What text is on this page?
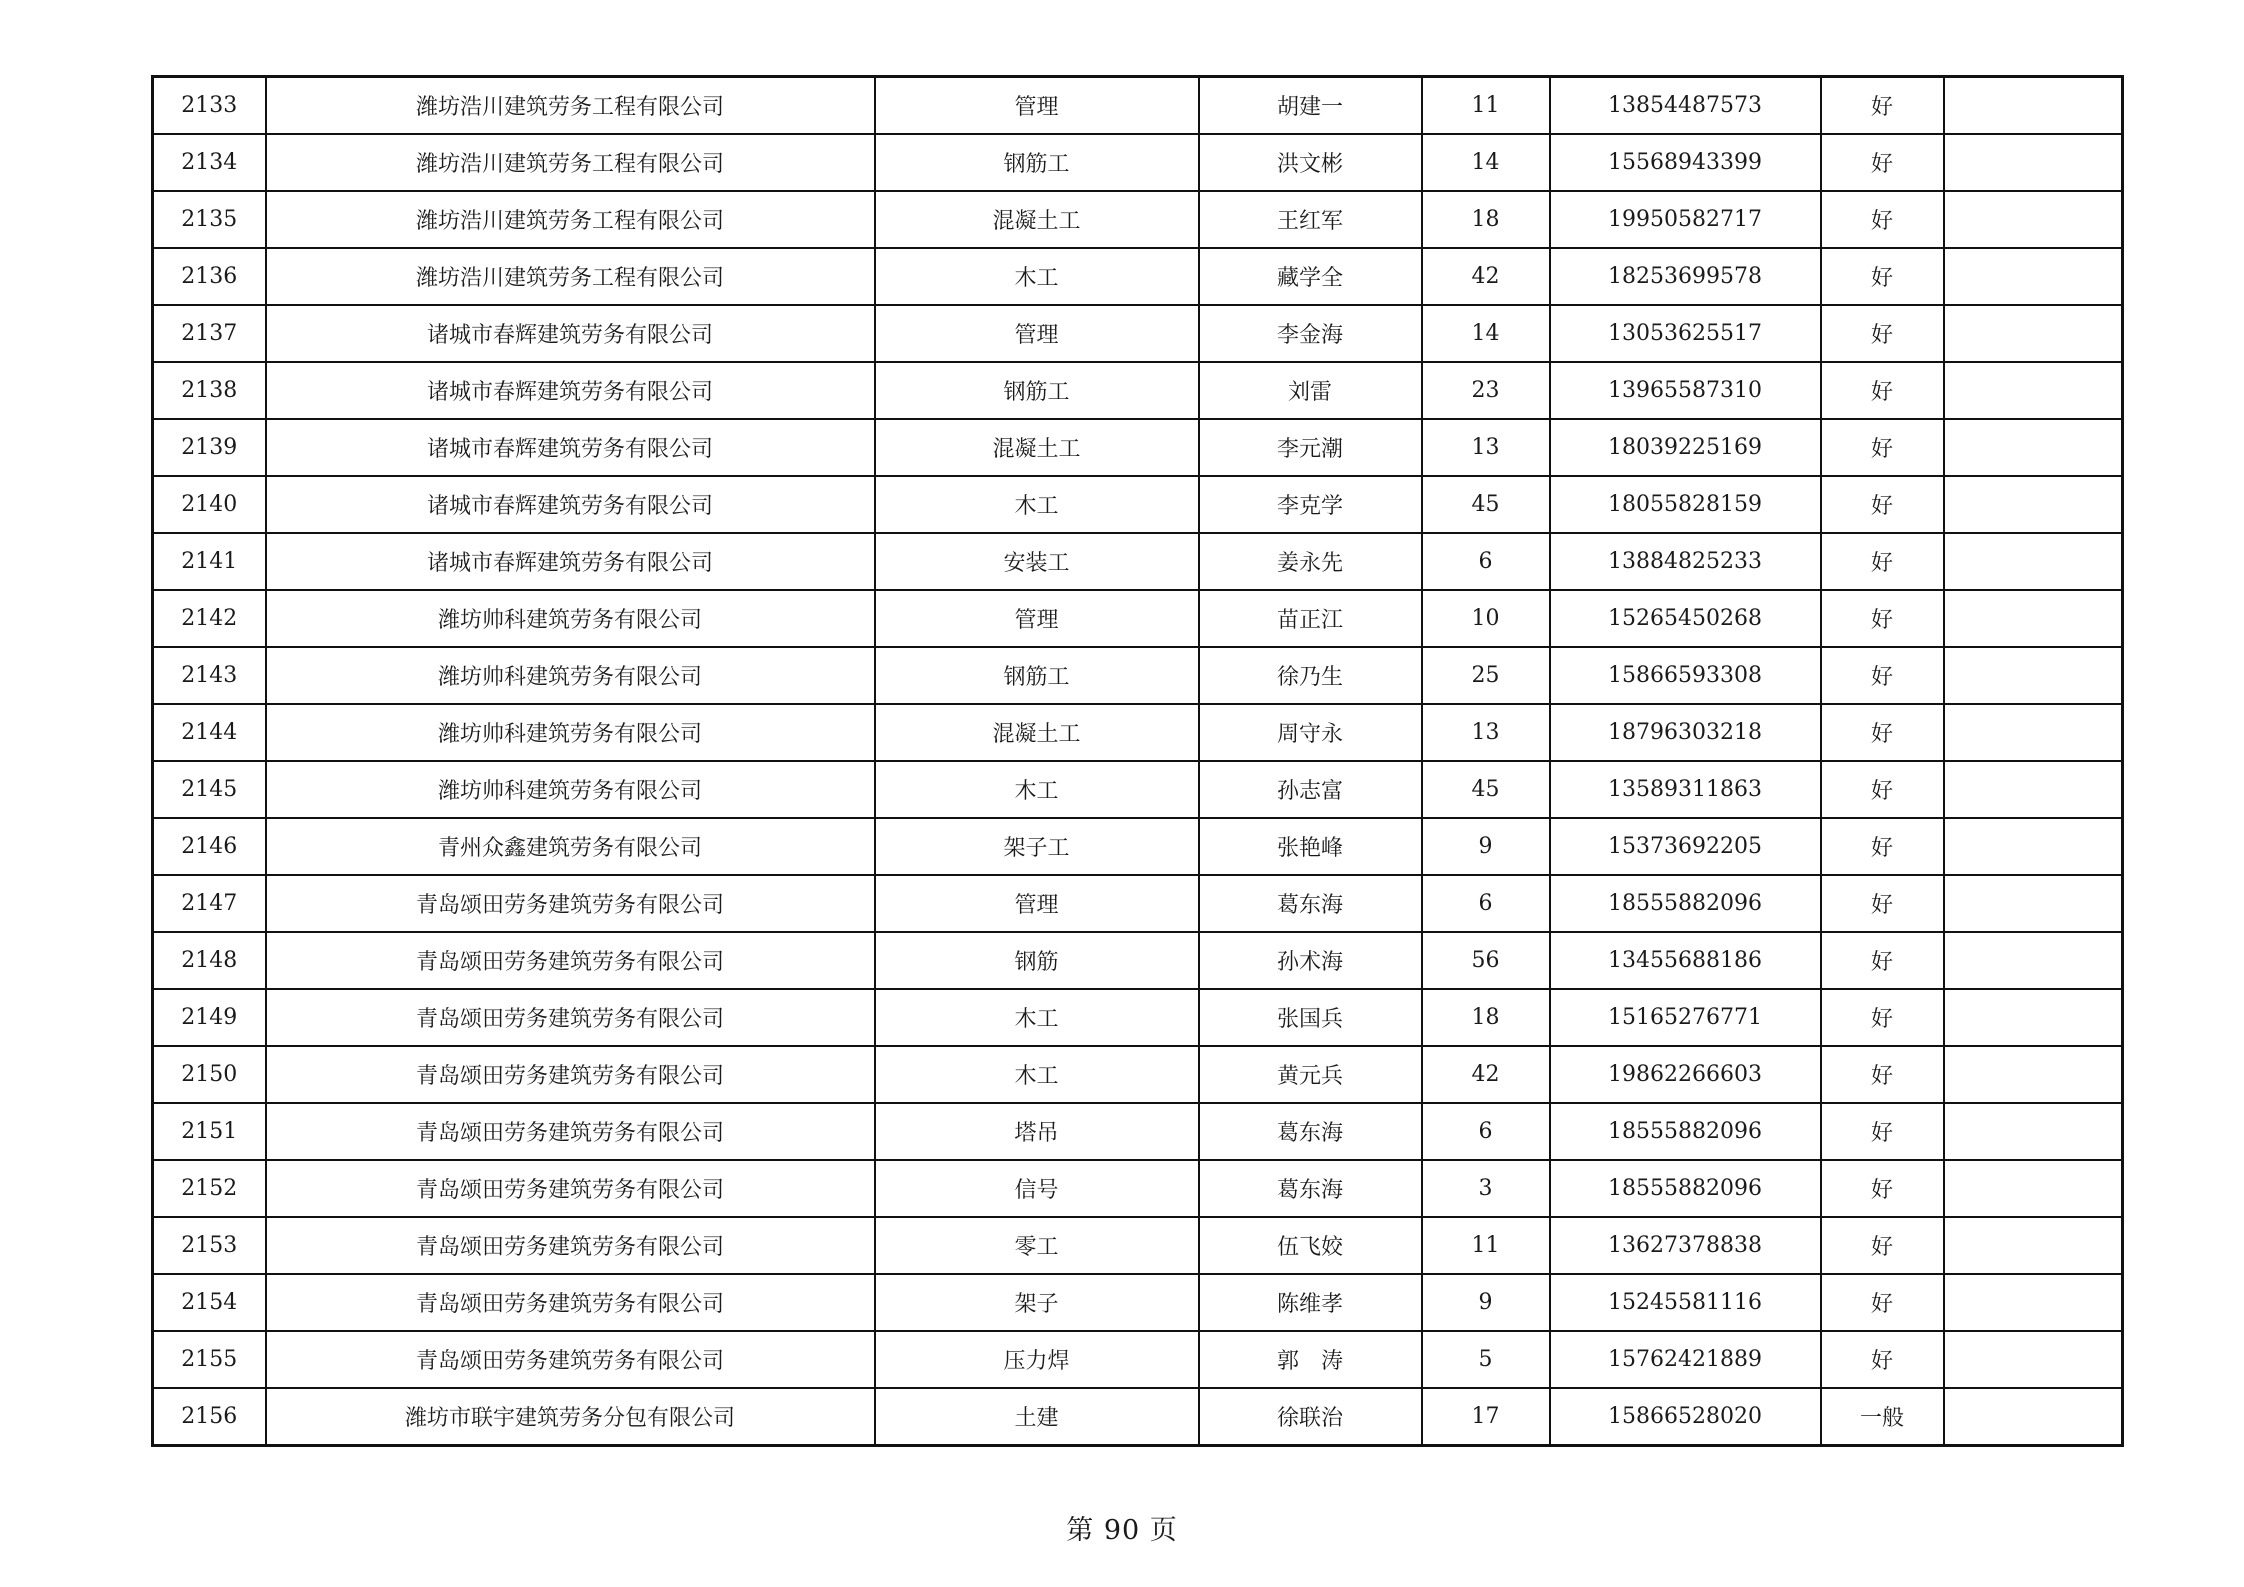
2133	潍坊浩川建筑劳务工程有限公司	管理	胡建一	11	13854487573	好	
2134	潍坊浩川建筑劳务工程有限公司	钢筋工	洪文彬	14	15568943399	好	
2135	潍坊浩川建筑劳务工程有限公司	混凝土工	王红军	18	19950582717	好	
2136	潍坊浩川建筑劳务工程有限公司	木工	藏学全	42	18253699578	好	
2137	诸城市春辉建筑劳务有限公司	管理	李金海	14	13053625517	好	
2138	诸城市春辉建筑劳务有限公司	钢筋工	刘雷	23	13965587310	好	
2139	诸城市春辉建筑劳务有限公司	混凝土工	李元潮	13	18039225169	好	
2140	诸城市春辉建筑劳务有限公司	木工	李克学	45	18055828159	好	
2141	诸城市春辉建筑劳务有限公司	安装工	姜永先	6	13884825233	好	
2142	潍坊帅科建筑劳务有限公司	管理	苗正江	10	15265450268	好	
2143	潍坊帅科建筑劳务有限公司	钢筋工	徐乃生	25	15866593308	好	
2144	潍坊帅科建筑劳务有限公司	混凝土工	周守永	13	18796303218	好	
2145	潍坊帅科建筑劳务有限公司	木工	孙志富	45	13589311863	好	
2146	青州众鑫建筑劳务有限公司	架子工	张艳峰	9	15373692205	好	
2147	青岛颂田劳务建筑劳务有限公司	管理	葛东海	6	18555882096	好	
2148	青岛颂田劳务建筑劳务有限公司	钢筋	孙术海	56	13455688186	好	
2149	青岛颂田劳务建筑劳务有限公司	木工	张国兵	18	15165276771	好	
2150	青岛颂田劳务建筑劳务有限公司	木工	黄元兵	42	19862266603	好	
2151	青岛颂田劳务建筑劳务有限公司	塔吊	葛东海	6	18555882096	好	
2152	青岛颂田劳务建筑劳务有限公司	信号	葛东海	3	18555882096	好	
2153	青岛颂田劳务建筑劳务有限公司	零工	伍飞姣	11	13627378838	好	
2154	青岛颂田劳务建筑劳务有限公司	架子	陈维孝	9	15245581116	好	
2155	青岛颂田劳务建筑劳务有限公司	压力焊	郭　涛	5	15762421889	好	
2156	潍坊市联宇建筑劳务分包有限公司	土建	徐联治	17	15866528020	一般	
第 90 页
